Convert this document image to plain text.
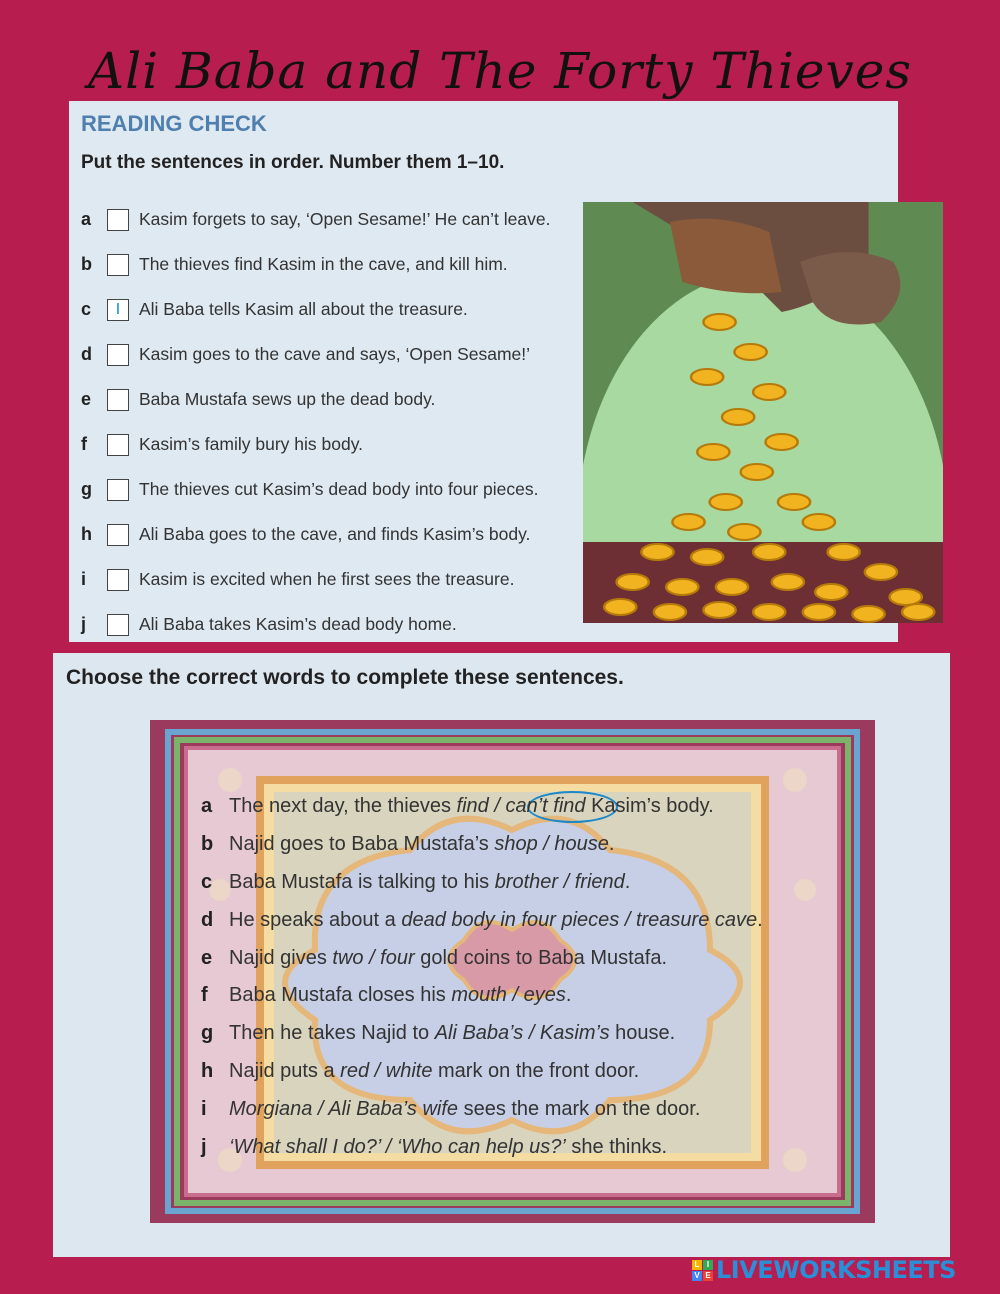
Ali Baba and The Forty Thieves
READING CHECK
Put the sentences in order. Number them 1–10.
a	Kasim forgets to say, ‘Open Sesame!’ He can’t leave.
b	The thieves find Kasim in the cave, and kill him.
c	I	Ali Baba tells Kasim all about the treasure.
d	Kasim goes to the cave and says, ‘Open Sesame!’
e	Baba Mustafa sews up the dead body.
f	Kasim’s family bury his body.
g	The thieves cut Kasim’s dead body into four pieces.
h	Ali Baba goes to the cave, and finds Kasim’s body.
i	Kasim is excited when he first sees the treasure.
j	Ali Baba takes Kasim’s dead body home.
Choose the correct words to complete these sentences.
a The next day, the thieves find / can’t find Kasim’s body.
b Najid goes to Baba Mustafa’s shop / house .
c Baba Mustafa is talking to his brother / friend .
d He speaks about a dead body in four pieces / treasure cave .
e Najid gives two / four gold coins to Baba Mustafa.
f	Baba Mustafa closes his mouth / eyes .
g Then he takes Najid to Ali Baba’s / Kasim’s house.
h Najid puts a red / white mark on the front door.
i	Morgiana / Ali Baba’s wife sees the mark on the door.
j	‘What shall I do?’ / ‘Who can help us?’ she thinks.
L I
V E LIVEWORKSHEETS
